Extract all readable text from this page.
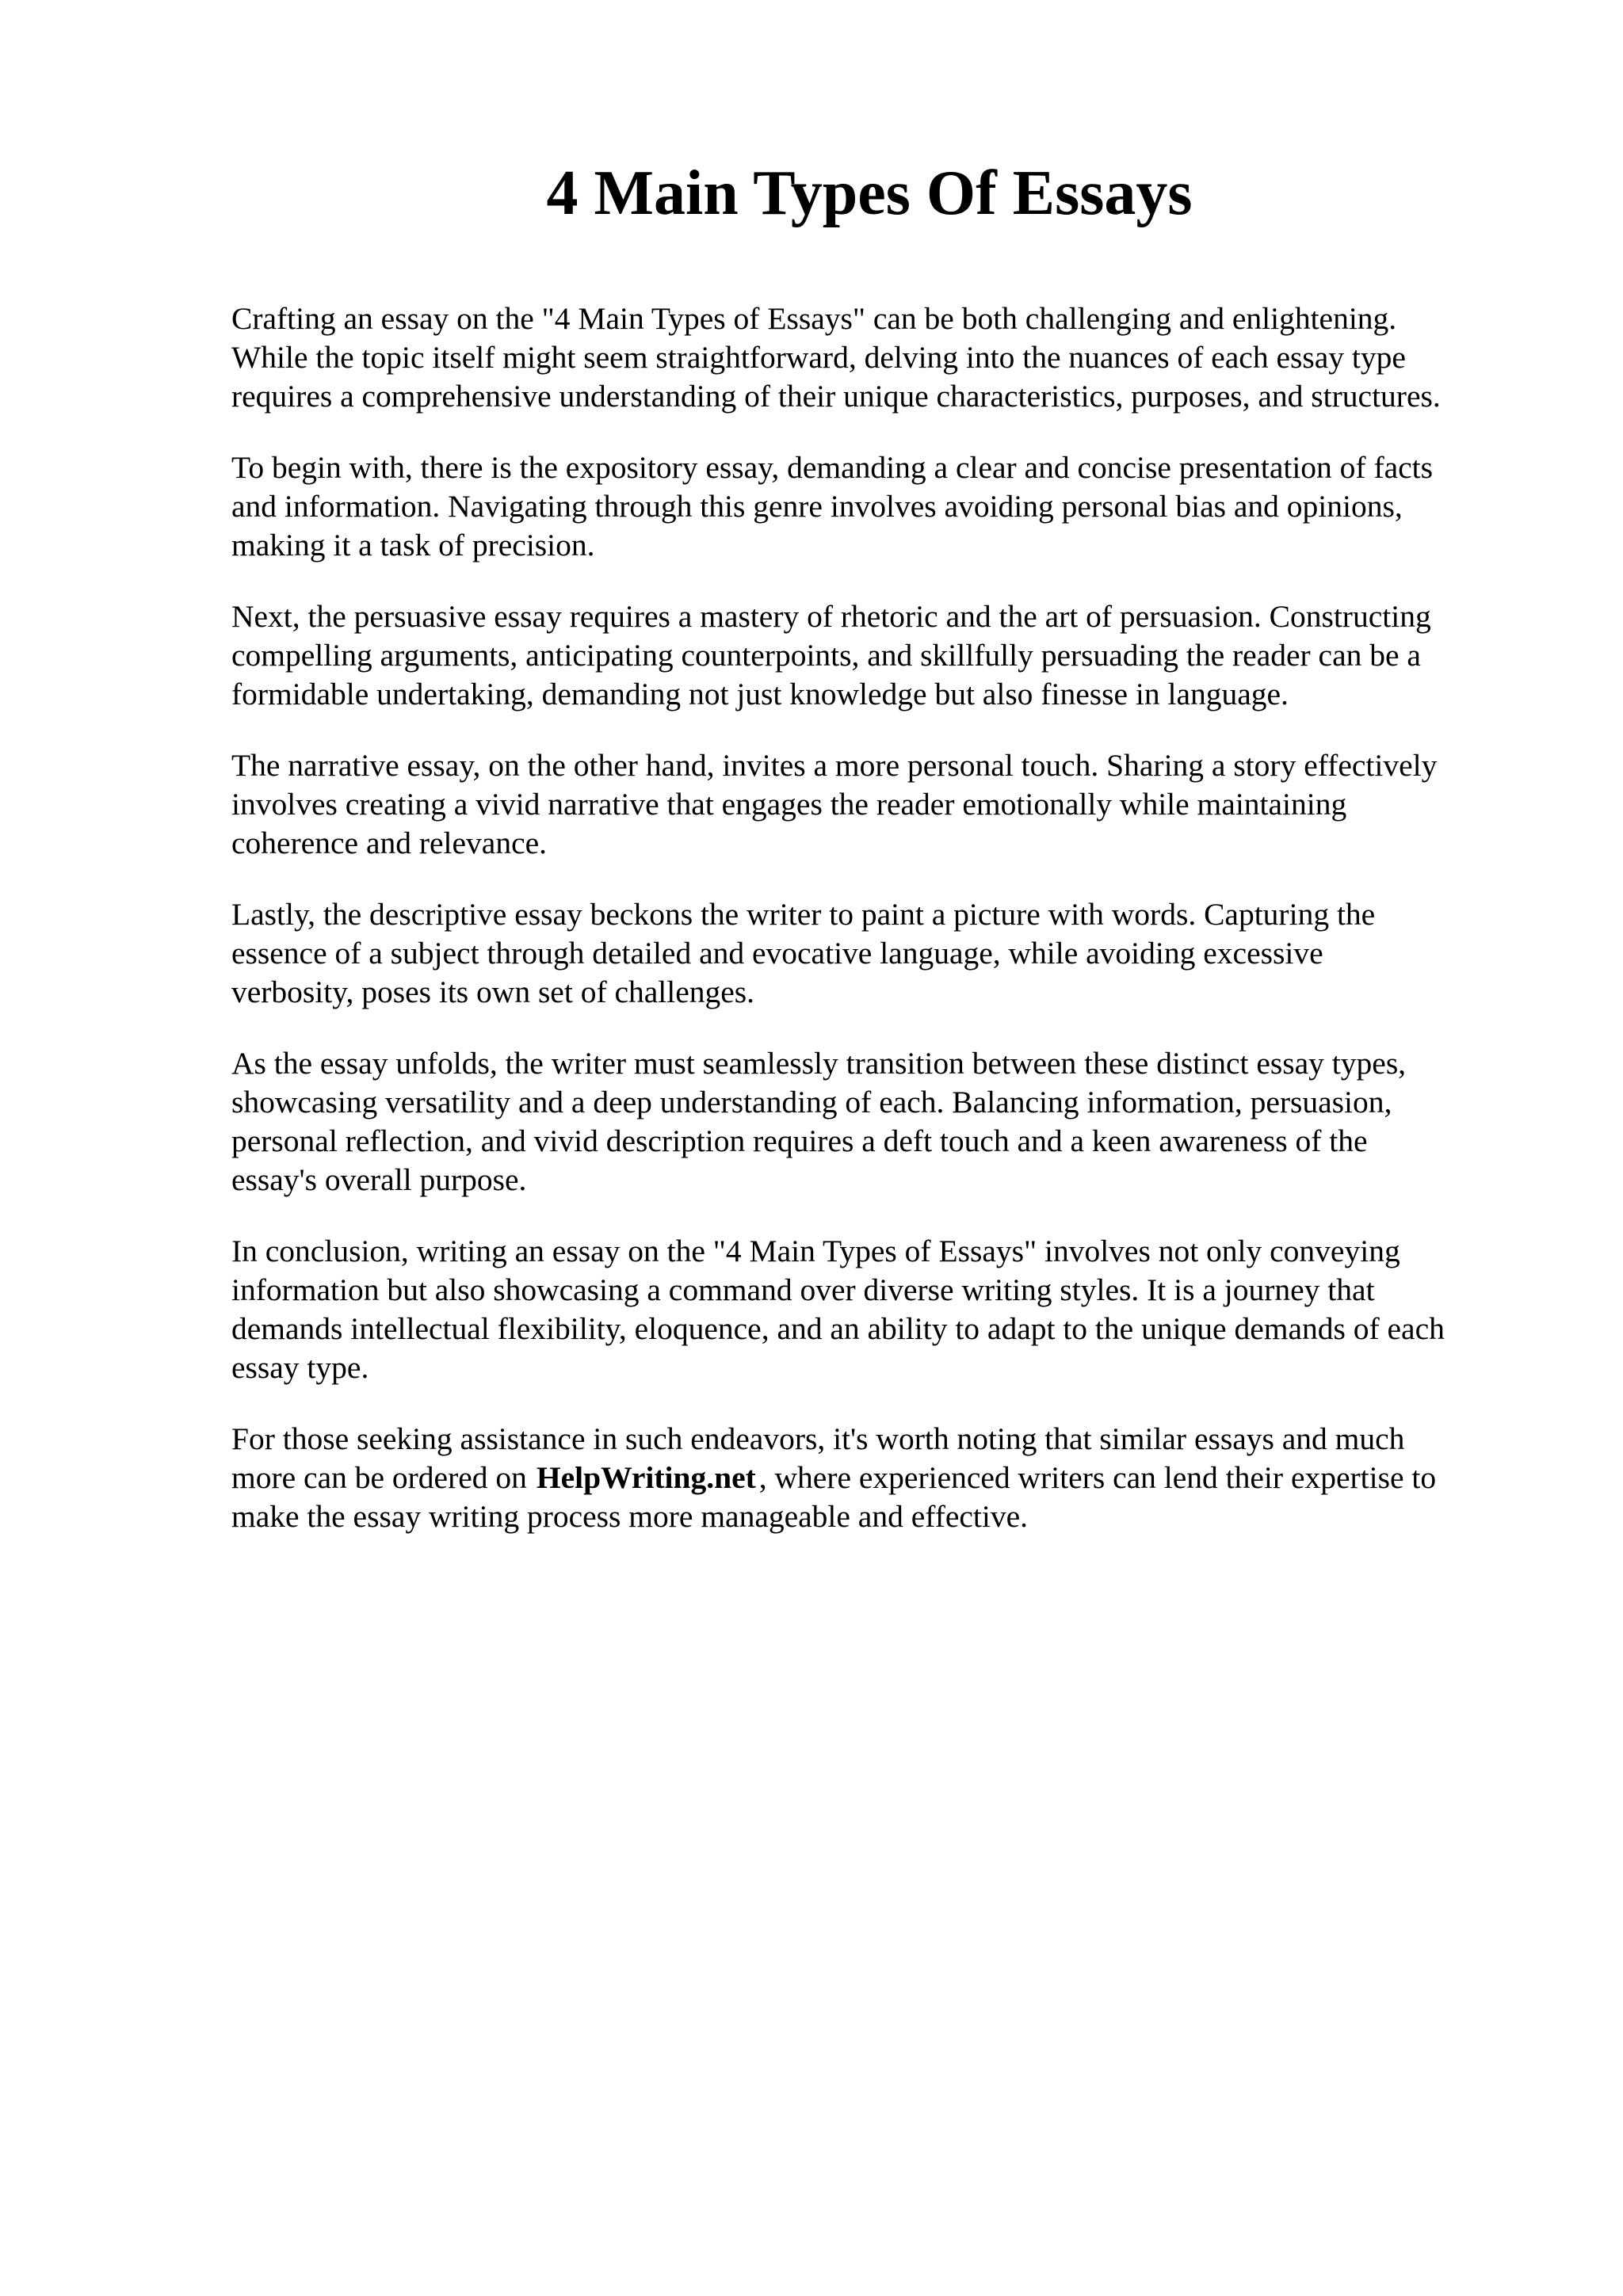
4 Main Types Of Essays

Crafting an essay on the "4 Main Types of Essays" can be both challenging and enlightening.
While the topic itself might seem straightforward, delving into the nuances of each essay type
requires a comprehensive understanding of their unique characteristics, purposes, and structures.

To begin with, there is the expository essay, demanding a clear and concise presentation of facts
and information. Navigating through this genre involves avoiding personal bias and opinions,
making it a task of precision.

Next, the persuasive essay requires a mastery of rhetoric and the art of persuasion. Constructing
compelling arguments, anticipating counterpoints, and skillfully persuading the reader can be a
formidable undertaking, demanding not just knowledge but also finesse in language.

The narrative essay, on the other hand, invites a more personal touch. Sharing a story effectively
involves creating a vivid narrative that engages the reader emotionally while maintaining
coherence and relevance.

Lastly, the descriptive essay beckons the writer to paint a picture with words. Capturing the
essence of a subject through detailed and evocative language, while avoiding excessive
verbosity, poses its own set of challenges.

As the essay unfolds, the writer must seamlessly transition between these distinct essay types,
showcasing versatility and a deep understanding of each. Balancing information, persuasion,
personal reflection, and vivid description requires a deft touch and a keen awareness of the
essay's overall purpose.

In conclusion, writing an essay on the "4 Main Types of Essays" involves not only conveying
information but also showcasing a command over diverse writing styles. It is a journey that
demands intellectual flexibility, eloquence, and an ability to adapt to the unique demands of each
essay type.

For those seeking assistance in such endeavors, it's worth noting that similar essays and much
more can be ordered on HelpWriting.net , where experienced writers can lend their expertise to
make the essay writing process more manageable and effective.
